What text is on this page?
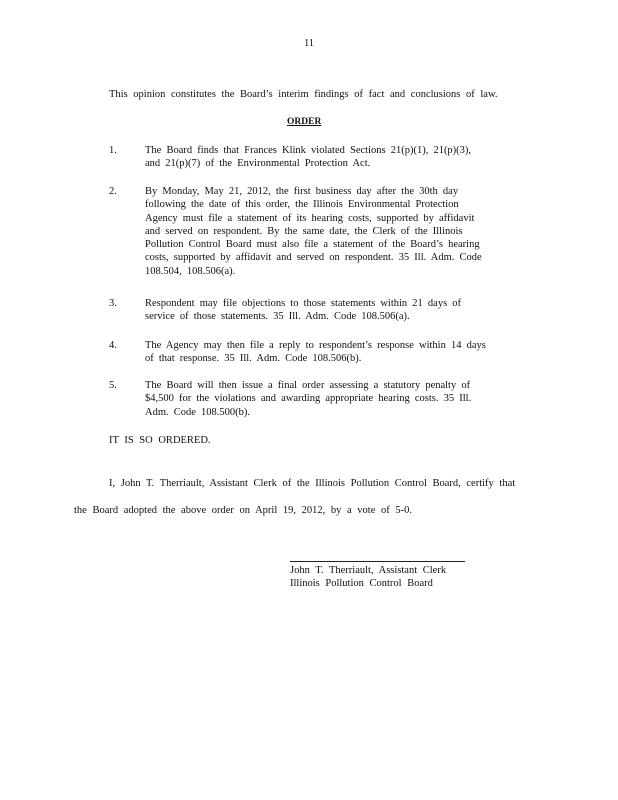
11
This opinion constitutes the Board’s interim findings of fact and conclusions of law.
ORDER
1.	The Board finds that Frances Klink violated Sections 21(p)(1), 21(p)(3),
and 21(p)(7) of the Environmental Protection Act.
2.	By Monday, May 21, 2012, the first business day after the 30th day
following the date of this order, the Illinois Environmental Protection
Agency must file a statement of its hearing costs, supported by affidavit
and served on respondent. By the same date, the Clerk of the Illinois
Pollution Control Board must also file a statement of the Board’s hearing
costs, supported by affidavit and served on respondent. 35 Ill. Adm. Code
108.504, 108.506(a).
3.	Respondent may file objections to those statements within 21 days of
service of those statements. 35 Ill. Adm. Code 108.506(a).
4.	The Agency may then file a reply to respondent’s response within 14 days
of that response. 35 Ill. Adm. Code 108.506(b).
5.	The Board will then issue a final order assessing a statutory penalty of
$4,500 for the violations and awarding appropriate hearing costs. 35 Ill.
Adm. Code 108.500(b).
IT IS SO ORDERED.

I, John T. Therriault, Assistant Clerk of the Illinois Pollution Control Board, certify that

the Board adopted the above order on April 19, 2012, by a vote of 5-0.

John T. Therriault, Assistant Clerk
Illinois Pollution Control Board
